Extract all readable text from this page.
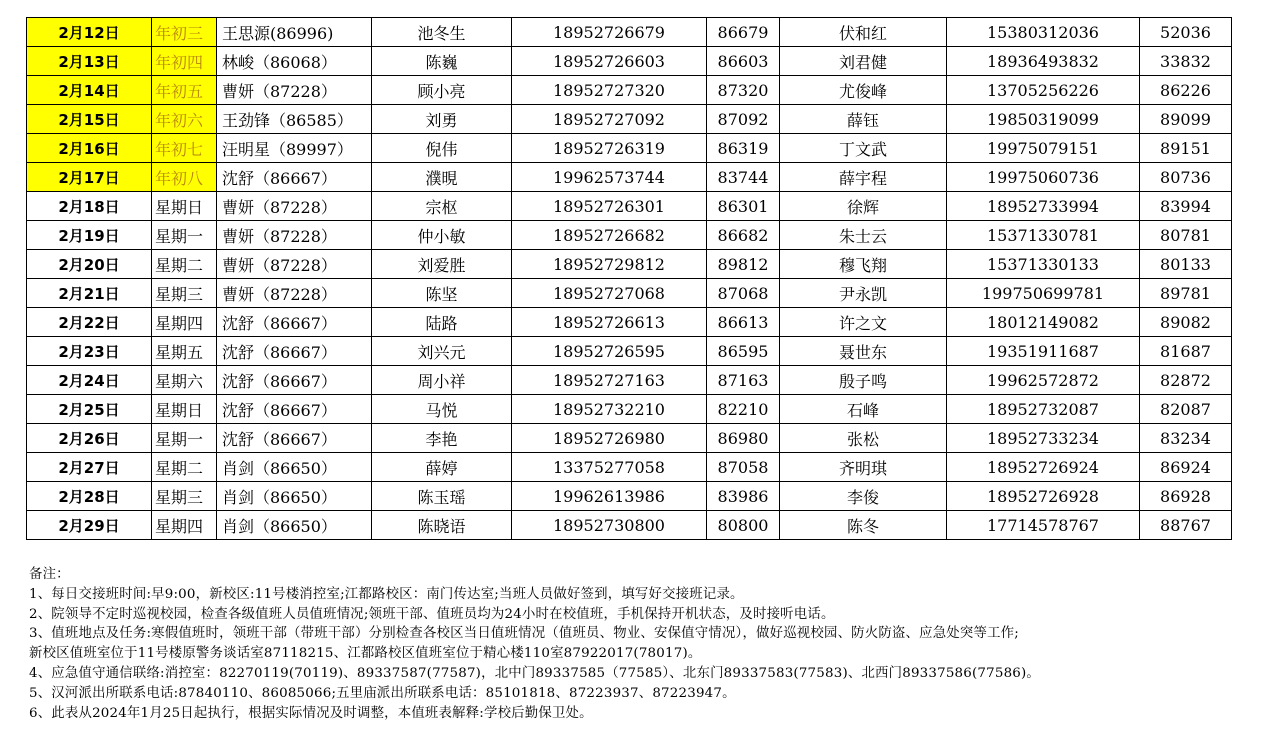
2月12日	年初三	王思源(86996)	池冬生	18952726679	86679	伏和红	15380312036	52036
2月13日	年初四	林峻（86068）	陈巍	18952726603	86603	刘君健	18936493832	33832
2月14日	年初五	曹妍（87228）	顾小亮	18952727320	87320	尤俊峰	13705256226	86226
2月15日	年初六	王劲锋（86585）	刘勇	18952727092	87092	薛钰	19850319099	89099
2月16日	年初七	汪明星（89997）	倪伟	18952726319	86319	丁文武	19975079151	89151
2月17日	年初八	沈舒（86667）	濮晛	19962573744	83744	薛宇程	19975060736	80736
2月18日	星期日	曹妍（87228）	宗枢	18952726301	86301	徐辉	18952733994	83994
2月19日	星期一	曹妍（87228）	仲小敏	18952726682	86682	朱士云	15371330781	80781
2月20日	星期二	曹妍（87228）	刘爱胜	18952729812	89812	穆飞翔	15371330133	80133
2月21日	星期三	曹妍（87228）	陈坚	18952727068	87068	尹永凯	199750699781	89781
2月22日	星期四	沈舒（86667）	陆路	18952726613	86613	许之文	18012149082	89082
2月23日	星期五	沈舒（86667）	刘兴元	18952726595	86595	聂世东	19351911687	81687
2月24日	星期六	沈舒（86667）	周小祥	18952727163	87163	殷子鸣	19962572872	82872
2月25日	星期日	沈舒（86667）	马悦	18952732210	82210	石峰	18952732087	82087
2月26日	星期一	沈舒（86667）	李艳	18952726980	86980	张松	18952733234	83234
2月27日	星期二	肖剑（86650）	薛婷	13375277058	87058	齐明琪	18952726924	86924
2月28日	星期三	肖剑（86650）	陈玉瑶	19962613986	83986	李俊	18952726928	86928
2月29日	星期四	肖剑（86650）	陈晓语	18952730800	80800	陈冬	17714578767	88767
备注：
1、每日交接班时间:早9:00，新校区:11号楼消控室;江都路校区：南门传达室;当班人员做好签到，填写好交接班记录。
2、院领导不定时巡视校园，检查各级值班人员值班情况;领班干部、值班员均为24小时在校值班，手机保持开机状态，及时接听电话。
3、值班地点及任务:寒假值班时，领班干部（带班干部）分别检查各校区当日值班情况（值班员、物业、安保值守情况），做好巡视校园、防火防盗、应急处突等工作;
新校区值班室位于11号楼原警务谈话室87118215、江都路校区值班室位于精心楼110室87922017(78017)。
4、应急值守通信联络:消控室：82270119(70119)、89337587(77587)，北中门89337585（77585）、北东门89337583(77583)、北西门89337586(77586)。
5、汉河派出所联系电话:87840110、86085066;五里庙派出所联系电话：85101818、87223937、87223947。
6、此表从2024年1月25日起执行，根据实际情况及时调整，本值班表解释:学校后勤保卫处。
